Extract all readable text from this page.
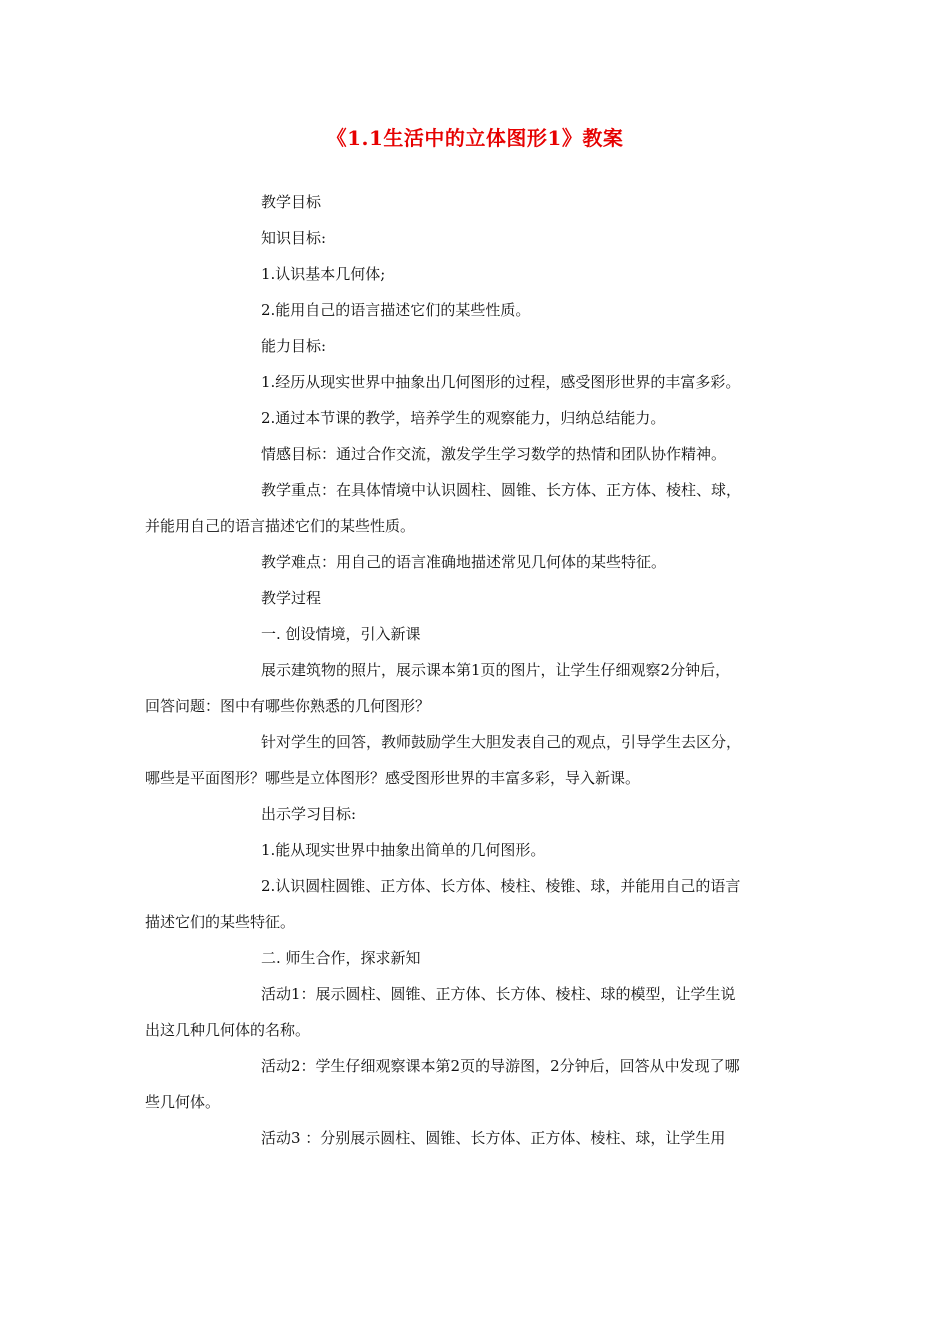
《1.1生活中的立体图形1》教案
教学目标
知识目标:
1.认识基本几何体;
2.能用自己的语言描述它们的某些性质。
能力目标:
1.经历从现实世界中抽象出几何图形的过程，感受图形世界的丰富多彩。
2.通过本节课的教学，培养学生的观察能力，归纳总结能力。
情感目标：通过合作交流，激发学生学习数学的热情和团队协作精神。
教学重点：在具体情境中认识圆柱、圆锥、长方体、正方体、棱柱、球，
并能用自己的语言描述它们的某些性质。
教学难点：用自己的语言准确地描述常见几何体的某些特征。
教学过程
一. 创设情境，引入新课
展示建筑物的照片，展示课本第1页的图片，让学生仔细观察2分钟后，
回答问题：图中有哪些你熟悉的几何图形？
针对学生的回答，教师鼓励学生大胆发表自己的观点，引导学生去区分，
哪些是平面图形？哪些是立体图形？感受图形世界的丰富多彩，导入新课。
出示学习目标:
1.能从现实世界中抽象出简单的几何图形。
2.认识圆柱圆锥、正方体、长方体、棱柱、棱锥、球，并能用自己的语言
描述它们的某些特征。
二. 师生合作，探求新知
活动1：展示圆柱、圆锥、正方体、长方体、棱柱、球的模型，让学生说
出这几种几何体的名称。
活动2：学生仔细观察课本第2页的导游图，2分钟后，回答从中发现了哪
些几何体。
活动3 ：分别展示圆柱、圆锥、长方体、正方体、棱柱、球，让学生用
